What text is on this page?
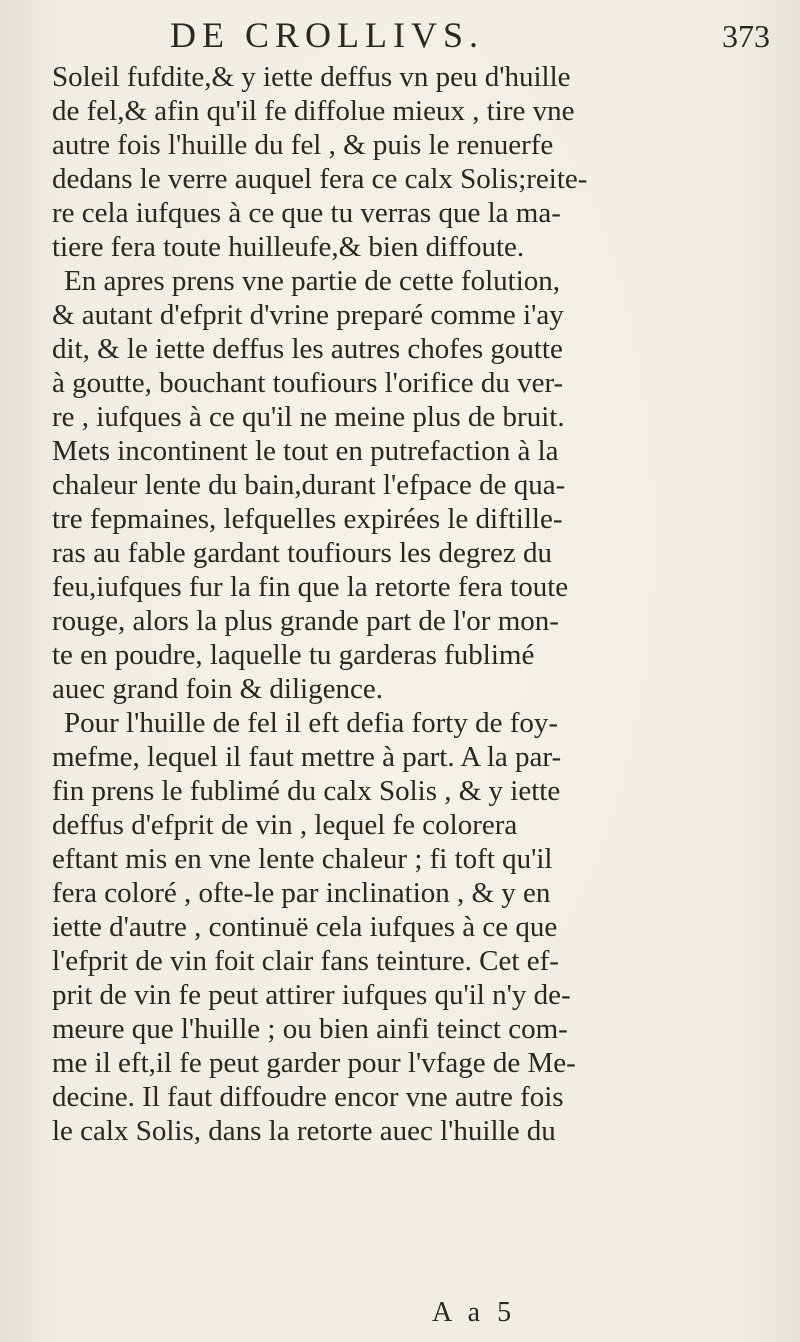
DE CROLLIVS.	373
Soleil fufdite,& y iette deffus vn peu d'huille
de fel,& afin qu'il fe diffolue mieux , tire vne
autre fois l'huille du fel , & puis le renuerfe
dedans le verre auquel fera ce calx Solis;reite-
re cela iufques à ce que tu verras que la ma-
tiere fera toute huilleufe,& bien diffoute.
En apres prens vne partie de cette folution,
& autant d'efprit d'vrine preparé comme i'ay
dit, & le iette deffus les autres chofes goutte
à goutte, bouchant toufiours l'orifice du ver-
re , iufques à ce qu'il ne meine plus de bruit.
Mets incontinent le tout en putrefaction à la
chaleur lente du bain,durant l'efpace de qua-
tre fepmaines, lefquelles expirées le diftille-
ras au fable gardant toufiours les degrez du
feu,iufques fur la fin que la retorte fera toute
rouge, alors la plus grande part de l'or mon-
te en poudre, laquelle tu garderas fublimé
auec grand foin & diligence.
Pour l'huille de fel il eft defia forty de foy-
mefme, lequel il faut mettre à part. A la par-
fin prens le fublimé du calx Solis , & y iette
deffus d'efprit de vin , lequel fe colorera
eftant mis en vne lente chaleur ; fi toft qu'il
fera coloré , ofte-le par inclination , & y en
iette d'autre , continuë cela iufques à ce que
l'efprit de vin foit clair fans teinture. Cet ef-
prit de vin fe peut attirer iufques qu'il n'y de-
meure que l'huille ; ou bien ainfi teinct com-
me il eft,il fe peut garder pour l'vfage de Me-
decine. Il faut diffoudre encor vne autre fois
le calx Solis, dans la retorte auec l'huille du
A a 5
